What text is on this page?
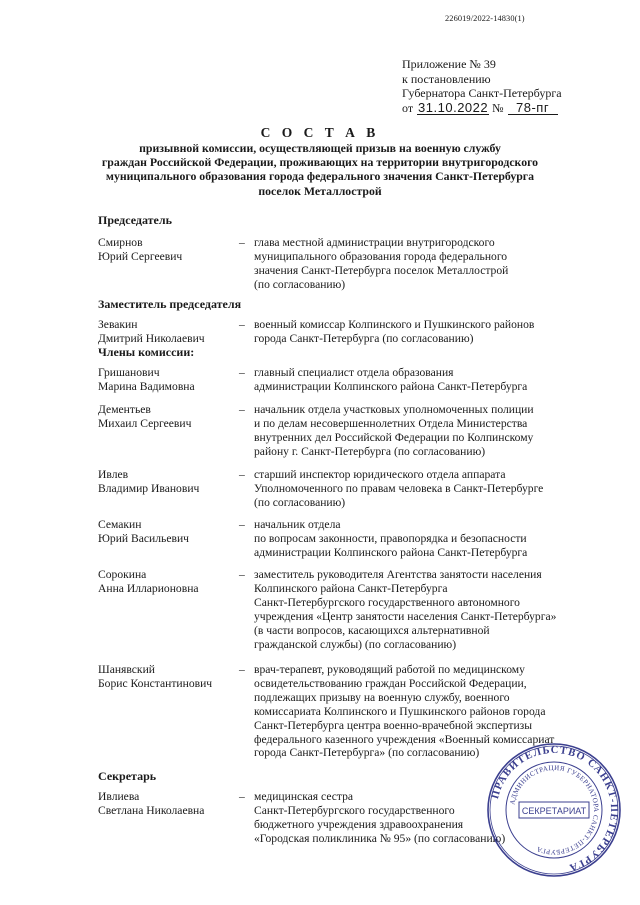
226019/2022-14830(1)
Приложение № 39
к постановлению
Губернатора Санкт-Петербурга
от 31.10.2022 № 78-пг
С О С Т А В
призывной комиссии, осуществляющей призыв на военную службу
граждан Российской Федерации, проживающих на территории внутригородского
муниципального образования города федерального значения Санкт-Петербурга
поселок Металлострой
Председатель
Смирнов
Юрий Сергеевич
– глава местной администрации внутригородского
муниципального образования города федерального
значения Санкт-Петербурга поселок Металлострой
(по согласованию)
Заместитель председателя
Зевакин
Дмитрий Николаевич
– военный комиссар Колпинского и Пушкинского районов
города Санкт-Петербурга (по согласованию)
Члены комиссии:
Гришанович
Марина Вадимовна
– главный специалист отдела образования
администрации Колпинского района Санкт-Петербурга
Дементьев
Михаил Сергеевич
– начальник отдела участковых уполномоченных полиции
и по делам несовершеннолетних Отдела Министерства
внутренних дел Российской Федерации по Колпинскому
району г. Санкт-Петербурга (по согласованию)
Ивлев
Владимир Иванович
– старший инспектор юридического отдела аппарата
Уполномоченного по правам человека в Санкт-Петербурге
(по согласованию)
Семакин
Юрий Васильевич
– начальник отдела
по вопросам законности, правопорядка и безопасности
администрации Колпинского района Санкт-Петербурга
Сорокина
Анна Илларионовна
– заместитель руководителя Агентства занятости населения
Колпинского района Санкт-Петербурга
Санкт-Петербургского государственного автономного
учреждения «Центр занятости населения Санкт-Петербурга»
(в части вопросов, касающихся альтернативной
гражданской службы) (по согласованию)
Шанявский
Борис Константинович
– врач-терапевт, руководящий работой по медицинскому
освидетельствованию граждан Российской Федерации,
подлежащих призыву на военную службу, военного
комиссариата Колпинского и Пушкинского районов города
Санкт-Петербурга центра военно-врачебной экспертизы
федерального казенного учреждения «Военный комиссариат
города Санкт-Петербурга» (по согласованию)
Секретарь
Ивлиева
Светлана Николаевна
– медицинская сестра
Санкт-Петербургского государственного
бюджетного учреждения здравоохранения
«Городская поликлиника № 95» (по согласованию)
ПРАВИТЕЛЬСТВО САНКТ-ПЕТЕРБУРГА
АДМИНИСТРАЦИЯ ГУБЕРНАТОРА САНКТ-ПЕТЕРБУРГА
СЕКРЕТАРИАТ
